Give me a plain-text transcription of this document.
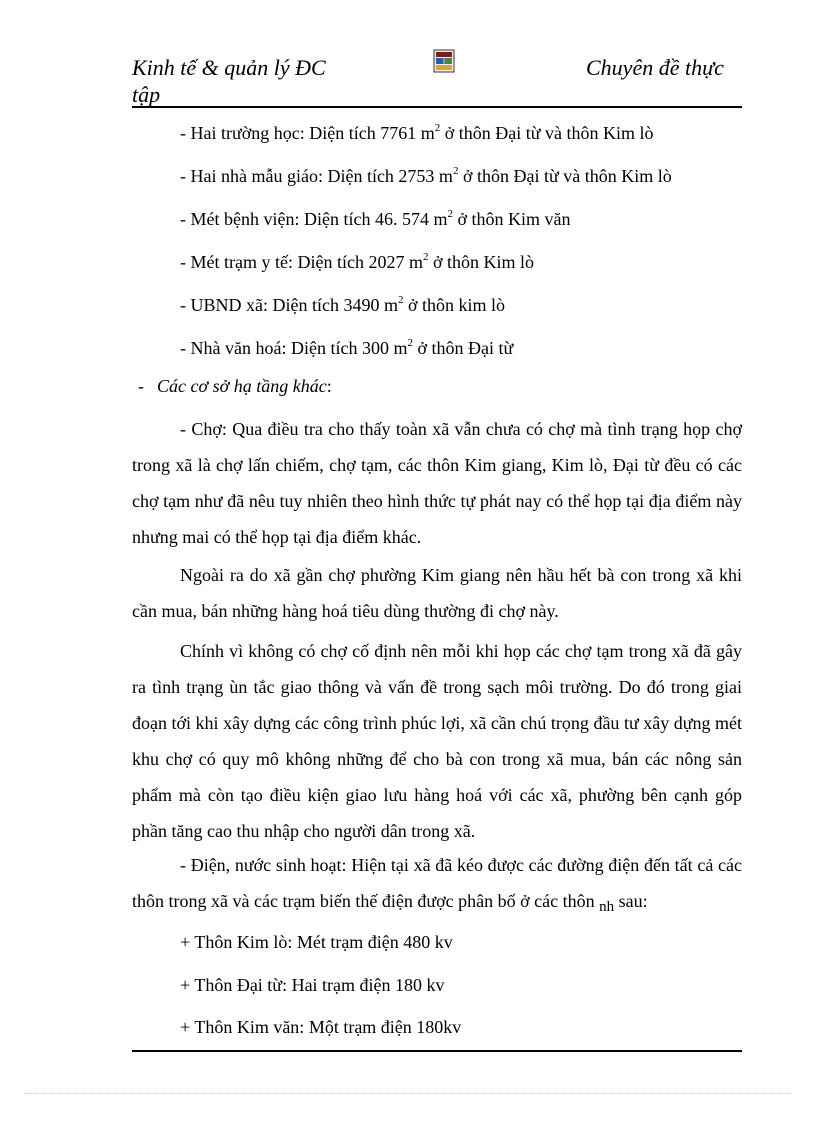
Kinh tế & quản lý ĐC tập
Chuyên đề thực
- Hai trường học: Diện tích 7761 $m^2$ ở thôn Đại từ và thôn Kim lò
- Hai nhà mẫu giáo: Diện tích 2753 $m^2$ ở thôn Đại từ và thôn Kim lò
- Mét bệnh viện: Diện tích 46. 574 $m^2$ ở thôn Kim văn
- Mét trạm y tế: Diện tích 2027 $m^2$ ở thôn Kim lò
- UBND xã: Diện tích 3490 $m^2$ ở thôn kim lò
- Nhà văn hoá: Diện tích 300 $m^2$ ở thôn Đại từ
- Các cơ sở hạ tầng khác:
- Chợ: Qua điều tra cho thấy toàn xã vẫn chưa có chợ mà tình trạng họp chợ trong xã là chợ lấn chiếm, chợ tạm, các thôn Kim giang, Kim lò, Đại từ đều có các chợ tạm như đã nêu tuy nhiên theo hình thức tự phát nay có thể họp tại địa điểm này nhưng mai có thể họp tại địa điểm khác.
Ngoài ra do xã gần chợ phường Kim giang nên hầu hết bà con trong xã khi cần mua, bán những hàng hoá tiêu dùng thường đi chợ này.
Chính vì không có chợ cố định nên mỗi khi họp các chợ tạm trong xã đã gây ra tình trạng ùn tắc giao thông và vấn đề trong sạch môi trường. Do đó trong giai đoạn tới khi xây dựng các công trình phúc lợi, xã cần chú trọng đầu tư xây dựng mét khu chợ có quy mô không những để cho bà con trong xã mua, bán các nông sản phẩm mà còn tạo điều kiện giao lưu hàng hoá với các xã, phường bên cạnh góp phần tăng cao thu nhập cho người dân trong xã.
- Điện, nước sinh hoạt: Hiện tại xã đã kéo được các đường điện đến tất cả các thôn trong xã và các trạm biến thế điện được phân bố ở các thôn $_{nh}$ sau:
+ Thôn Kim lò: Mét trạm điện 480 kv
+ Thôn Đại từ: Hai trạm điện 180 kv
+ Thôn Kim văn: Một trạm điện 180kv
